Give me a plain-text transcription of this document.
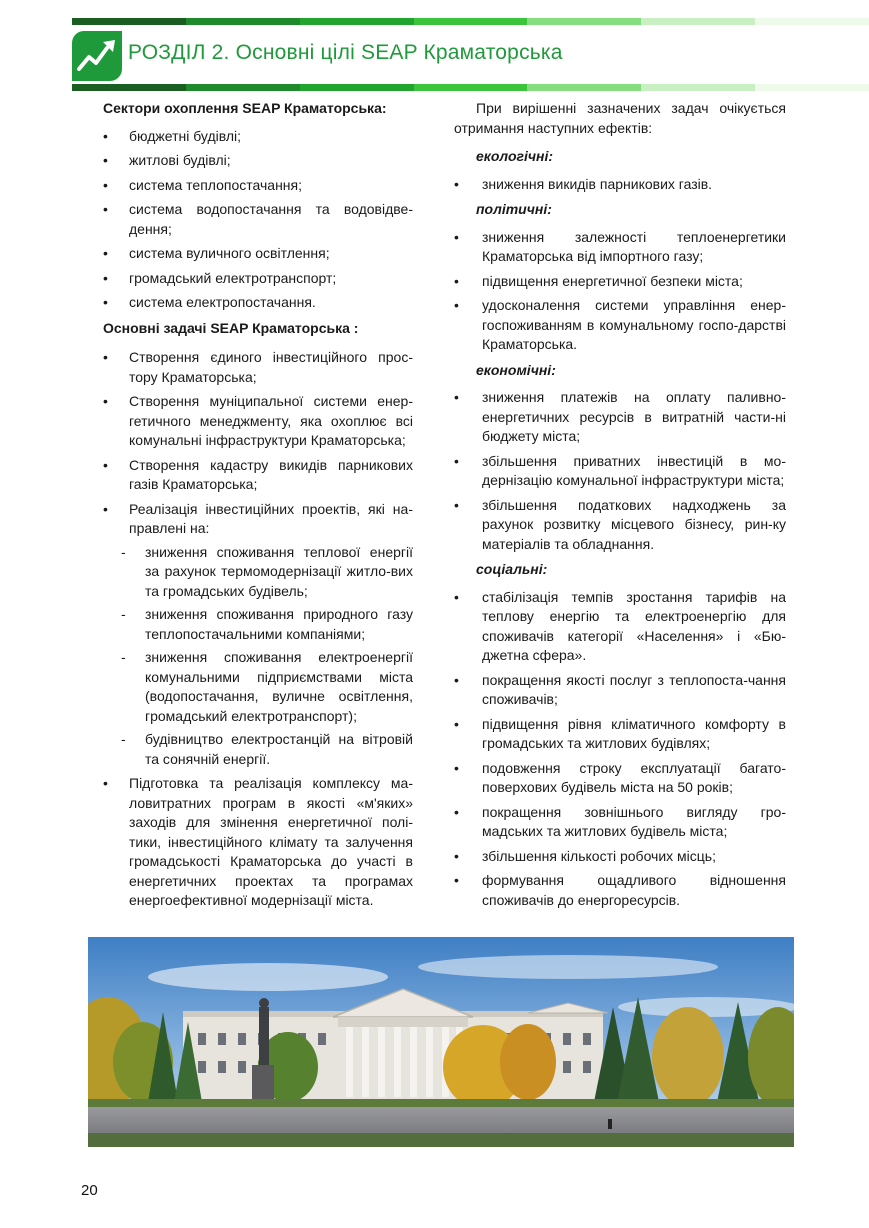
РОЗДІЛ 2. Основні цілі SEAP Краматорська
Сектори охоплення SEAP Краматорська:
• бюджетні будівлі;
• житлові будівлі;
• система теплопостачання;
• система водопостачання та водовідве-дення;
• система вуличного освітлення;
• громадський електротранспорт;
• система електропостачання.
Основні задачі SEAP Краматорська :
• Створення єдиного інвестиційного прос-тору Краматорська;
• Створення муніципальної системи енер-гетичного менеджменту, яка охоплює всі комунальні інфраструктури Краматорська;
• Створення кадастру викидів парникових газів Краматорська;
• Реалізація інвестиційних проектів, які на-правлені на:
- зниження споживання теплової енергії за рахунок термомодернізації житло-вих та громадських будівель;
- зниження споживання природного газу теплопостачальними компаніями;
- зниження споживання електроенергії комунальними підприємствами міста (водопостачання, вуличне освітлення, громадський електротранспорт);
- будівництво електростанцій на вітровій та сонячній енергії.
• Підготовка та реалізація комплексу ма-ловитратних програм в якості «м'яких» заходів для змінення енергетичної полі-тики, інвестиційного клімату та залучення громадськості Краматорська до участі в енергетичних проектах та програмах енергоефективної модернізації міста.
При вирішенні зазначених задач очікується отримання наступних ефектів:
екологічні:
• зниження викидів парникових газів.
політичні:
• зниження залежності теплоенергетики Краматорська від імпортного газу;
• підвищення енергетичної безпеки міста;
• удосконалення системи управління енер-госпоживанням в комунальному госпо-дарстві Краматорська.
економічні:
• зниження платежів на оплату паливно-енергетичних ресурсів в витратній части-ні бюджету міста;
• збільшення приватних інвестицій в мо-дернізацію комунальної інфраструктури міста;
• збільшення податкових надходжень за рахунок розвитку місцевого бізнесу, рин-ку матеріалів та обладнання.
соціальні:
• стабілізація темпів зростання тарифів на теплову енергію та електроенергію для споживачів категорії «Населення» і «Бю-джетна сфера».
• покращення якості послуг з теплопоста-чання споживачів;
• підвищення рівня кліматичного комфорту в громадських та житлових будівлях;
• подовження строку експлуатації багато-поверхових будівель міста на 50 років;
• покращення зовнішнього вигляду гро-мадських та житлових будівель міста;
• збільшення кількості робочих місць;
• формування ощадливого відношення споживачів до енергоресурсів.
20
